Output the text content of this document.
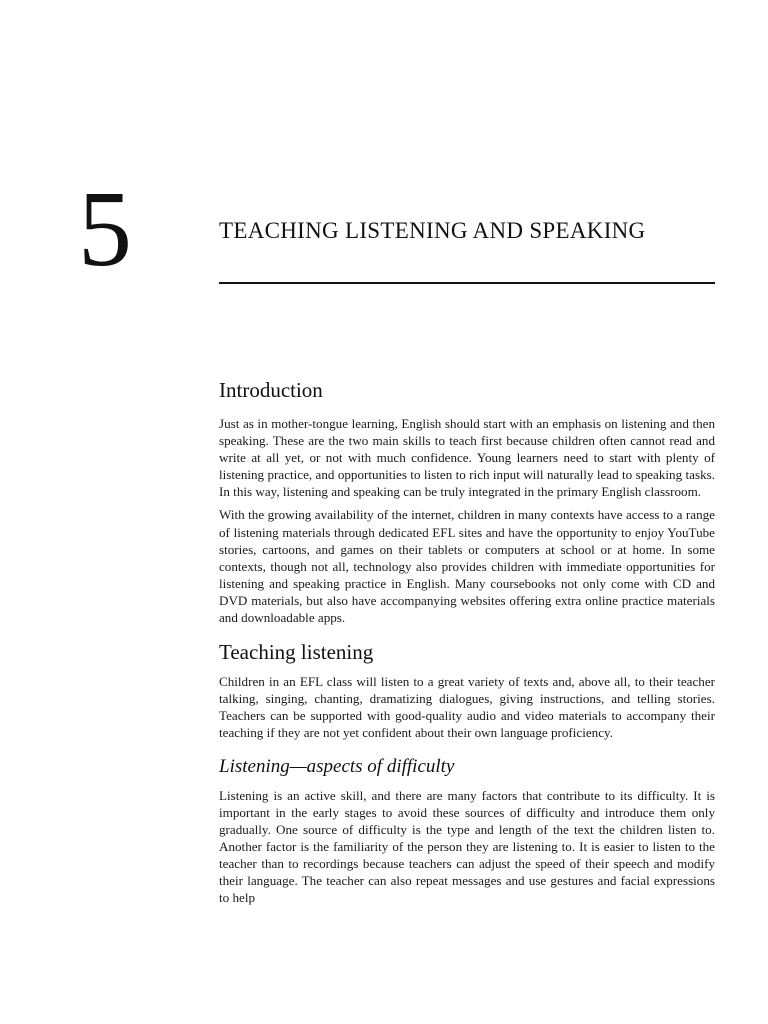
5	TEACHING LISTENING AND SPEAKING
Introduction

Just as in mother-tongue learning, English should start with an emphasis on listening and then speaking. These are the two main skills to teach first because children often cannot read and write at all yet, or not with much confidence. Young learners need to start with plenty of listening practice, and opportunities to listen to rich input will naturally lead to speaking tasks. In this way, listening and speaking can be truly integrated in the primary English classroom.

With the growing availability of the internet, children in many contexts have access to a range of listening materials through dedicated EFL sites and have the opportunity to enjoy YouTube stories, cartoons, and games on their tablets or computers at school or at home. In some contexts, though not all, technology also provides children with immediate opportunities for listening and speaking practice in English. Many coursebooks not only come with CD and DVD materials, but also have accompanying websites offering extra online practice materials and downloadable apps.

Teaching listening

Children in an EFL class will listen to a great variety of texts and, above all, to their teacher talking, singing, chanting, dramatizing dialogues, giving instructions, and telling stories. Teachers can be supported with good-quality audio and video materials to accompany their teaching if they are not yet confident about their own language proficiency.

Listening—aspects of difficulty

Listening is an active skill, and there are many factors that contribute to its difficulty. It is important in the early stages to avoid these sources of difficulty and introduce them only gradually. One source of difficulty is the type and length of the text the children listen to. Another factor is the familiarity of the person they are listening to. It is easier to listen to the teacher than to recordings because teachers can adjust the speed of their speech and modify their language. The teacher can also repeat messages and use gestures and facial expressions to help
